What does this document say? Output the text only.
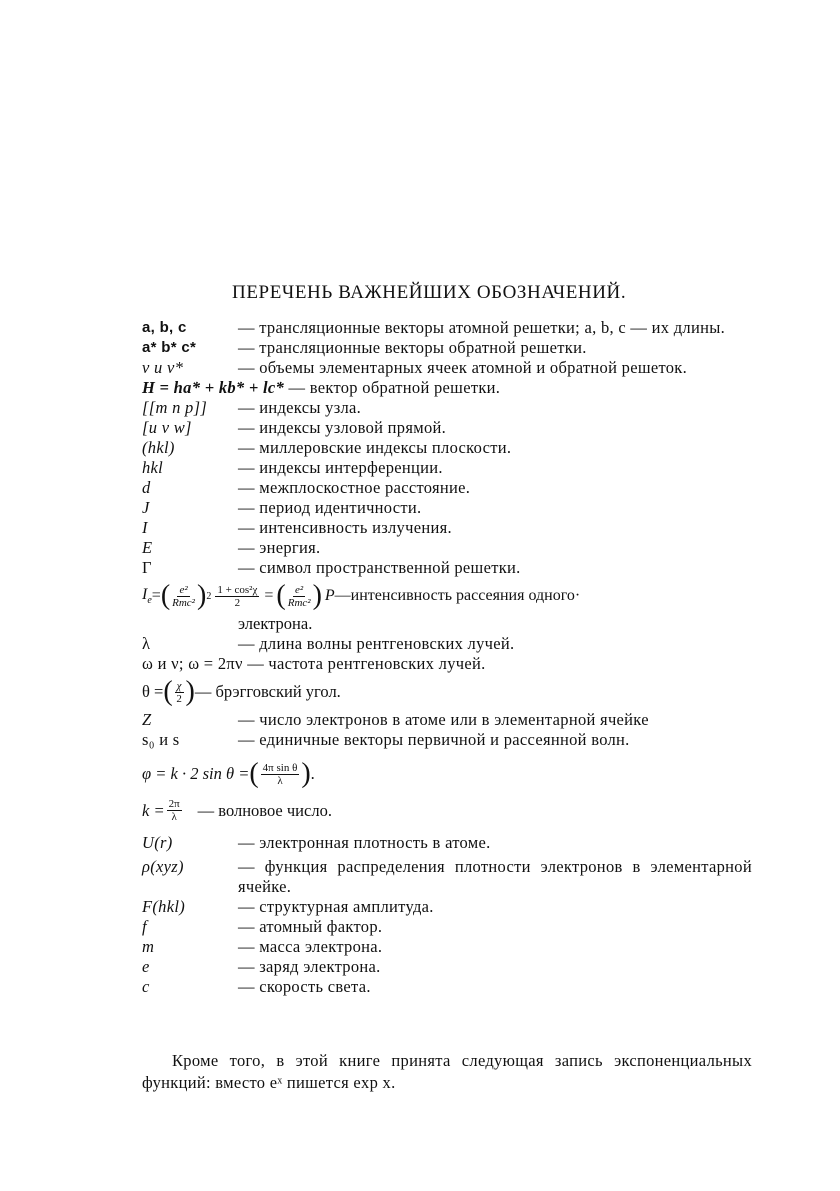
ПЕРЕЧЕНЬ ВАЖНЕЙШИХ ОБОЗНАЧЕНИЙ.
a, b, c	— трансляционные векторы атомной решетки; a, b, c — их длины.
a* b* c*	— трансляционные векторы обратной решетки.
v и v*	— объемы элементарных ячеек атомной и обратной решеток.
H = ha* + kb* + lc* — вектор обратной решетки.
[[m n p]]	— индексы узла.
[u v w]	— индексы узловой прямой.
(hkl)	— миллеровские индексы плоскости.
hkl	— индексы интерференции.
d	— межплоскостное расстояние.
J	— период идентичности.
I	— интенсивность излучения.
E	— энергия.
Γ	— символ пространственной решетки.
$I_e$ = ( $\frac{\text{e²}}{\text{Rmc²}}$ ) $2 \frac{\text{1 + cos²χ}}{2}$ = ( $\frac{\text{e²}}{\text{Rmc²}}$ ) P —интенсивность рассеяния одного·
электрона.
λ	— длина волны рентгеновских лучей.
ω и ν; ω = 2πν — частота рентгеновских лучей.
θ = ( $\frac{\chi}{2}$ ) — брэгговский угол.
Z	— число электронов в атоме или в элементарной ячейке
s₀ и s	— единичные векторы первичной и рассеянной волн.
φ = k · 2 sin θ = ( $\frac{\text{4π sin θ}}{\lambda}$ ) .
$k = \frac{2\pi}{\lambda}$ — волновое число.
U(r)	— электронная плотность в атоме.
ρ(xyz)	— функция распределения плотности электронов в элементарной ячейке.
F(hkl)	— структурная амплитуда.
f	— атомный фактор.
m	— масса электрона.
e	— заряд электрона.
c	— скорость света.
Кроме того, в этой книге принята следующая запись экспоненциальных функций: вместо eˣ пишется exp x.
